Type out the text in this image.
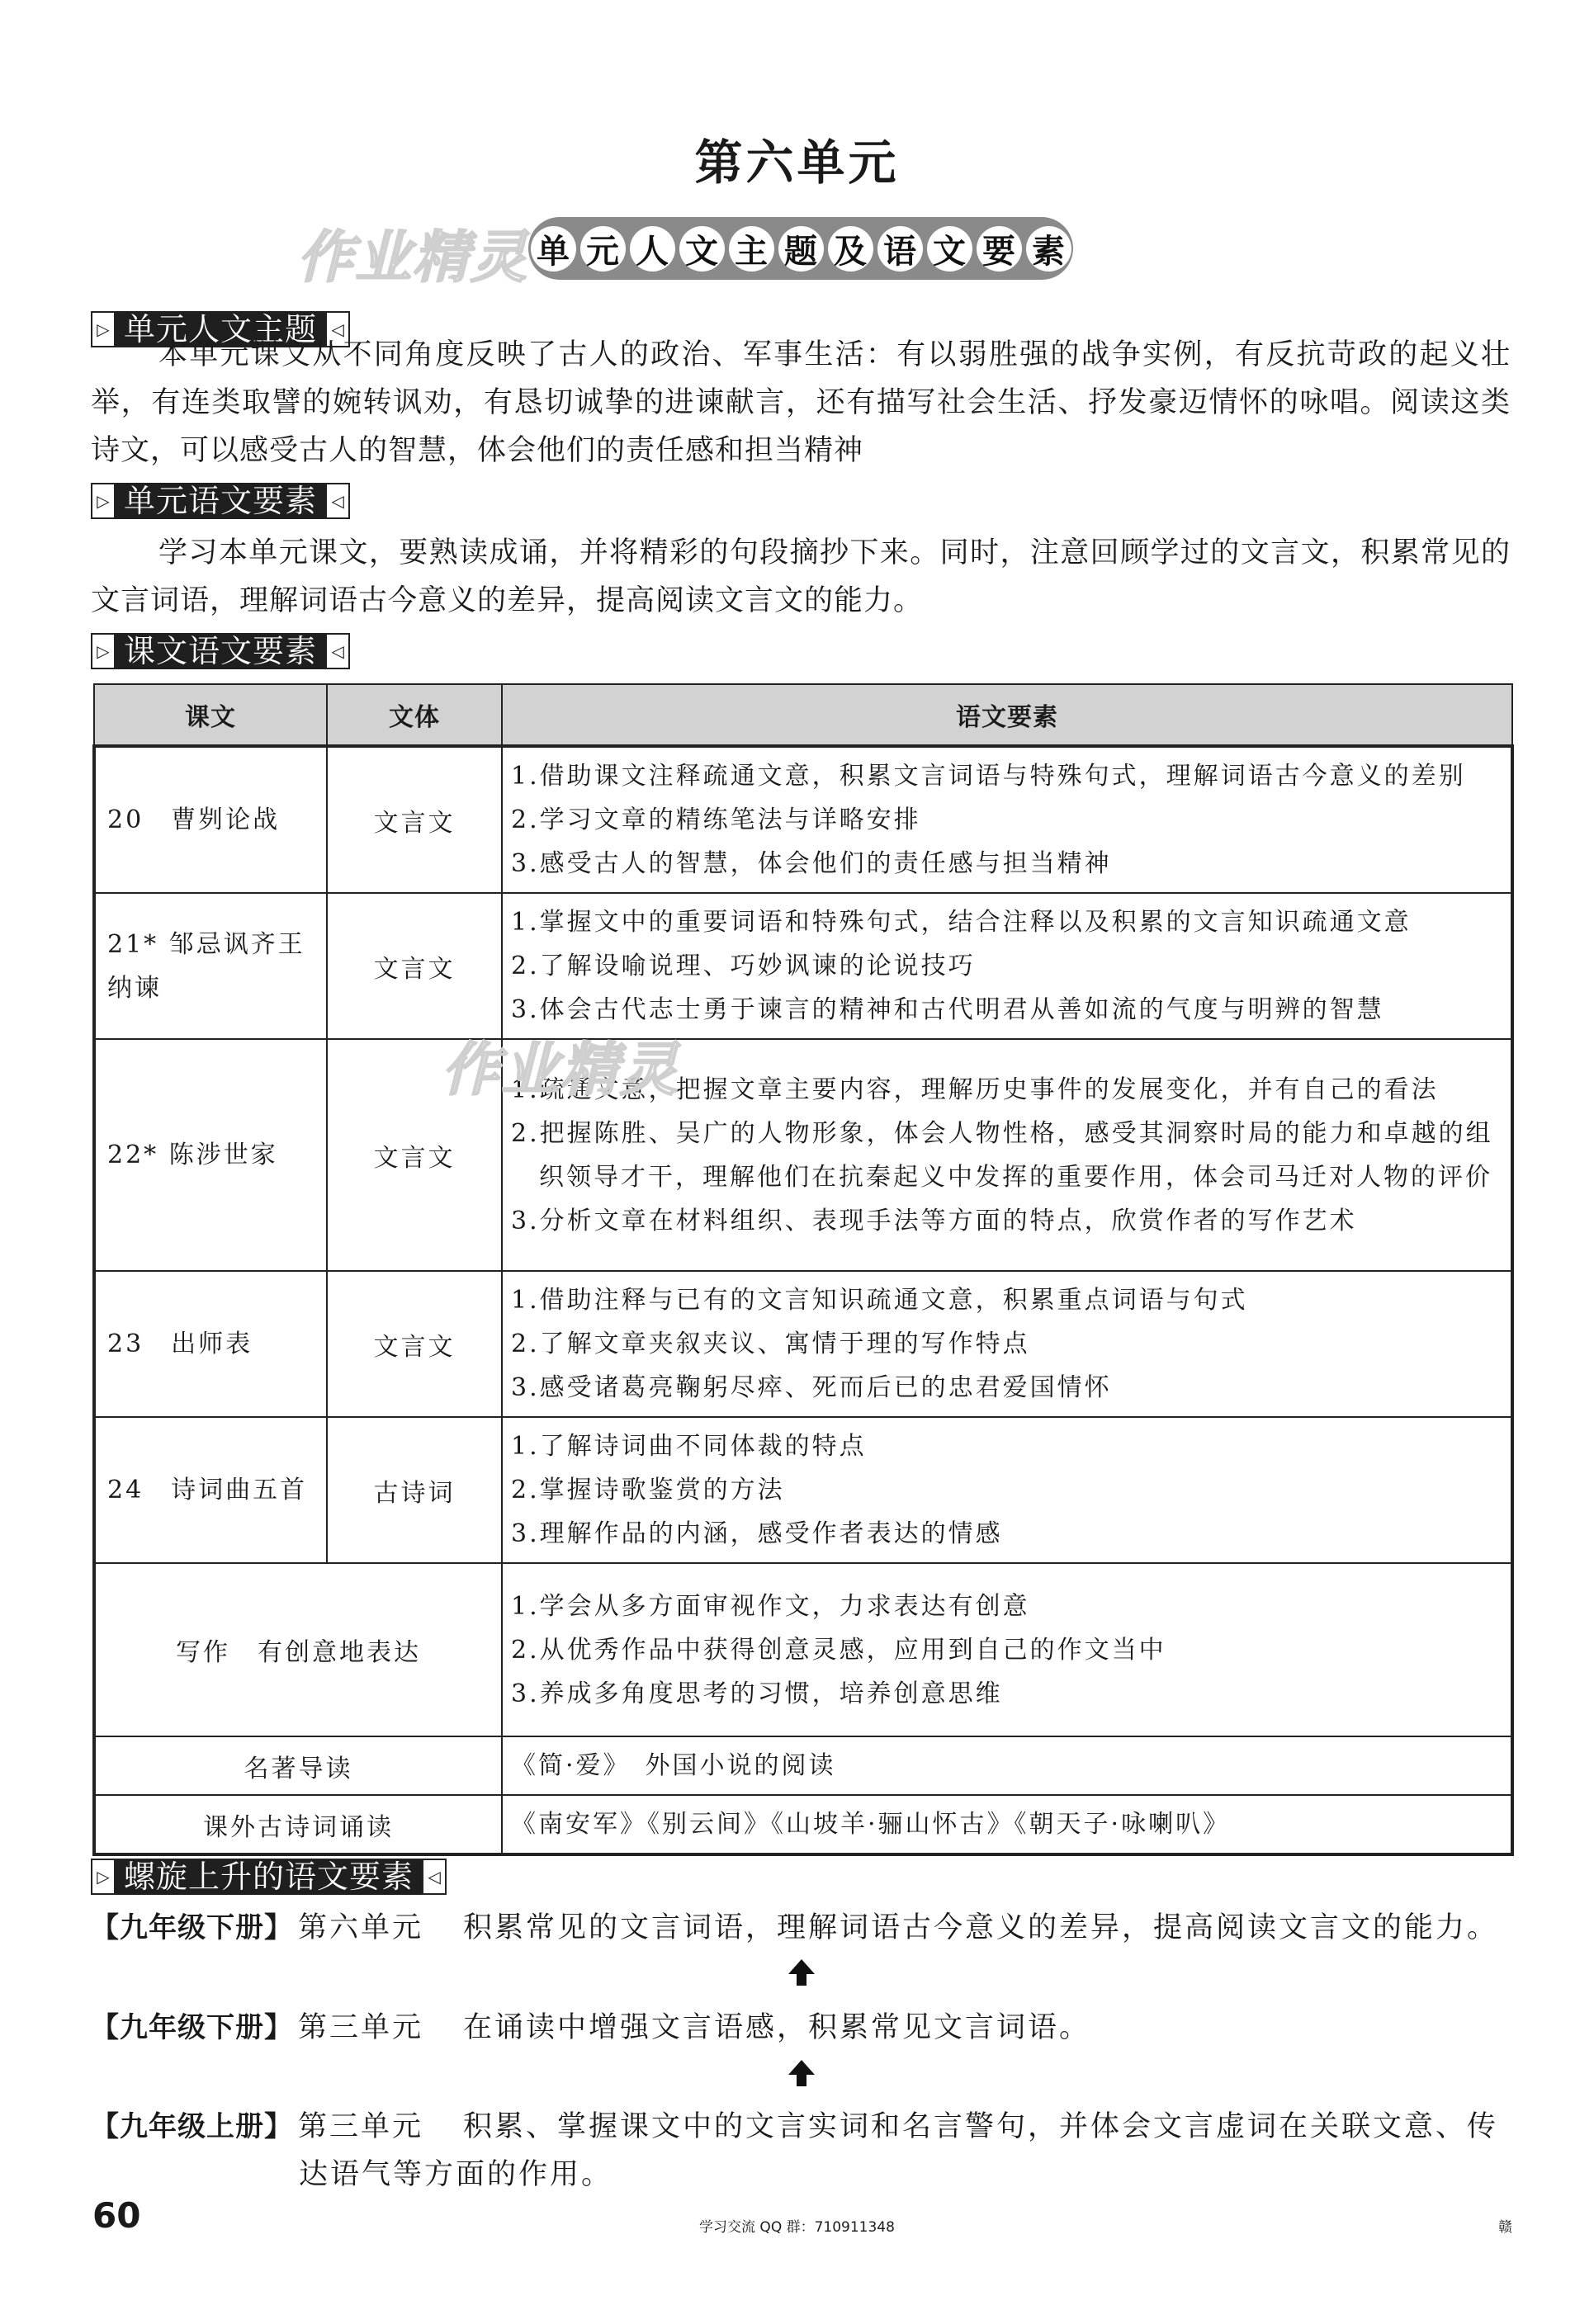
第六单元
作业精灵 单 元 人 文 主 题 及 语 文 要 素
▷ 单元人文主题 ◁

本单元课文从不同角度反映了古人的政治、军事生活：有以弱胜强的战争实例，有反抗苛政的起义壮举，有连类取譬的婉转讽劝，有恳切诚挚的进谏献言，还有描写社会生活、抒发豪迈情怀的咏唱。阅读这类诗文，可以感受古人的智慧，体会他们的责任感和担当精神

▷ 单元语文要素 ◁

学习本单元课文，要熟读成诵，并将精彩的句段摘抄下来。同时，注意回顾学过的文言文，积累常见的文言词语，理解词语古今意义的差异，提高阅读文言文的能力。

▷ 课文语文要素 ◁
课文	文体	语文要素
20　曹刿论战	文言文	1.借助课文注释疏通文意，积累文言词语与特殊句式，理解词语古今意义的差别
2.学习文章的精练笔法与详略安排
3.感受古人的智慧，体会他们的责任感与担当精神

21* 邹忌讽齐王纳谏	文言文	1.掌握文中的重要词语和特殊句式，结合注释以及积累的文言知识疏通文意
2.了解设喻说理、巧妙讽谏的论说技巧
3.体会古代志士勇于谏言的精神和古代明君从善如流的气度与明辨的智慧

22* 陈涉世家	文言文	1.疏通文意，把握文章主要内容，理解历史事件的发展变化，并有自己的看法
2.把握陈胜、吴广的人物形象，体会人物性格，感受其洞察时局的能力和卓越的组织领导才干，理解他们在抗秦起义中发挥的重要作用，体会司马迁对人物的评价
3.分析文章在材料组织、表现手法等方面的特点，欣赏作者的写作艺术

23　出师表	文言文	1.借助注释与已有的文言知识疏通文意，积累重点词语与句式
2.了解文章夹叙夹议、寓情于理的写作特点
3.感受诸葛亮鞠躬尽瘁、死而后已的忠君爱国情怀

24　诗词曲五首	古诗词	1.了解诗词曲不同体裁的特点
2.掌握诗歌鉴赏的方法
3.理解作品的内涵，感受作者表达的情感

写作　有创意地表达		1.学会从多方面审视作文，力求表达有创意
2.从优秀作品中获得创意灵感，应用到自己的作文当中
3.养成多角度思考的习惯，培养创意思维

名著导读		《简·爱》　外国小说的阅读

课外古诗词诵读		《南安军》《别云间》《山坡羊·骊山怀古》《朝天子·咏喇叭》
作业精灵
▷ 螺旋上升的语文要素 ◁
【九年级下册】 第六单元 积累常见的文言词语，理解词语古今意义的差异，提高阅读文言文的能力。
【九年级下册】 第三单元 在诵读中增强文言语感，积累常见文言词语。
【九年级上册】 第三单元 积累、掌握课文中的文言实词和名言警句，并体会文言虚词在关联文意、传
达语气等方面的作用。
60	学习交流 QQ 群：710911348	赣
